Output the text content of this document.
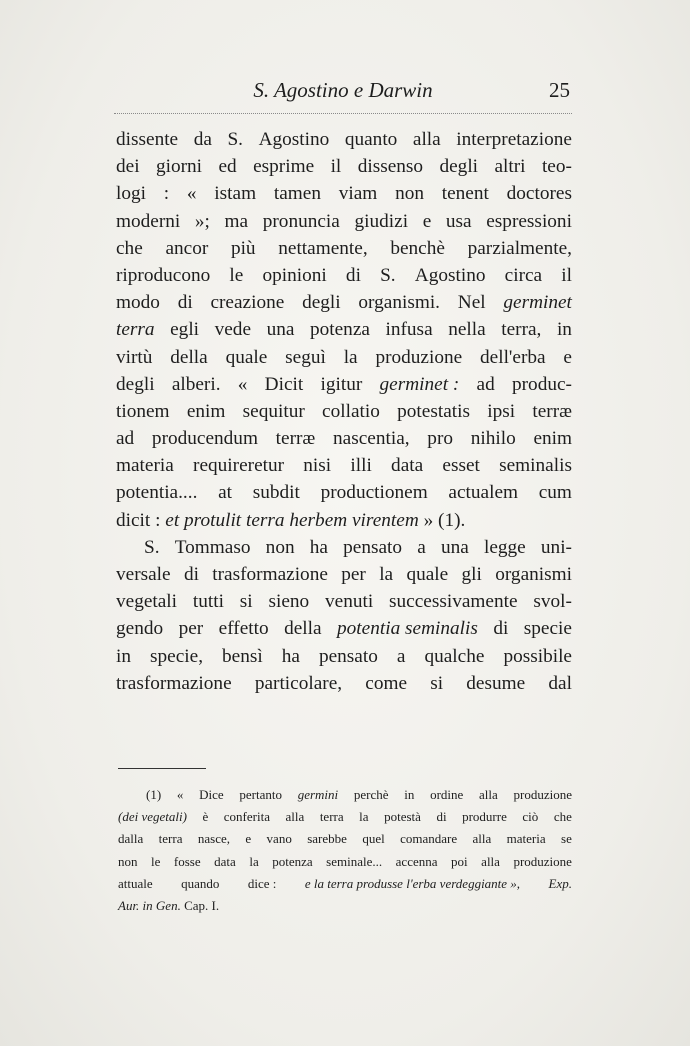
S. Agostino e Darwin	25
dissente da S. Agostino quanto alla interpretazione
dei giorni ed esprime il dissenso degli altri teo-
logi : « istam tamen viam non tenent doctores
moderni »; ma pronuncia giudizi e usa espressioni
che ancor più nettamente, benchè parzialmente,
riproducono le opinioni di S. Agostino circa il
modo di creazione degli organismi. Nel germinet
terra egli vede una potenza infusa nella terra, in
virtù della quale seguì la produzione dell'erba e
degli alberi. « Dicit igitur germinet : ad produc-
tionem enim sequitur collatio potestatis ipsi terræ
ad producendum terræ nascentia, pro nihilo enim
materia requireretur nisi illi data esset seminalis
potentia.... at subdit productionem actualem cum
dicit : et protulit terra herbem virentem » (1).
S. Tommaso non ha pensato a una legge uni-
versale di trasformazione per la quale gli organismi
vegetali tutti si sieno venuti successivamente svol-
gendo per effetto della potentia seminalis di specie
in specie, bensì ha pensato a qualche possibile
trasformazione particolare, come si desume dal
(1) « Dice pertanto germini perchè in ordine alla produzione
(dei vegetali) è conferita alla terra la potestà di produrre ciò che
dalla terra nasce, e vano sarebbe quel comandare alla materia se
non le fosse data la potenza seminale... accenna poi alla produzione
attuale quando dice : e la terra produsse l'erba verdeggiante », Exp.
Aur. in Gen. Cap. I.
